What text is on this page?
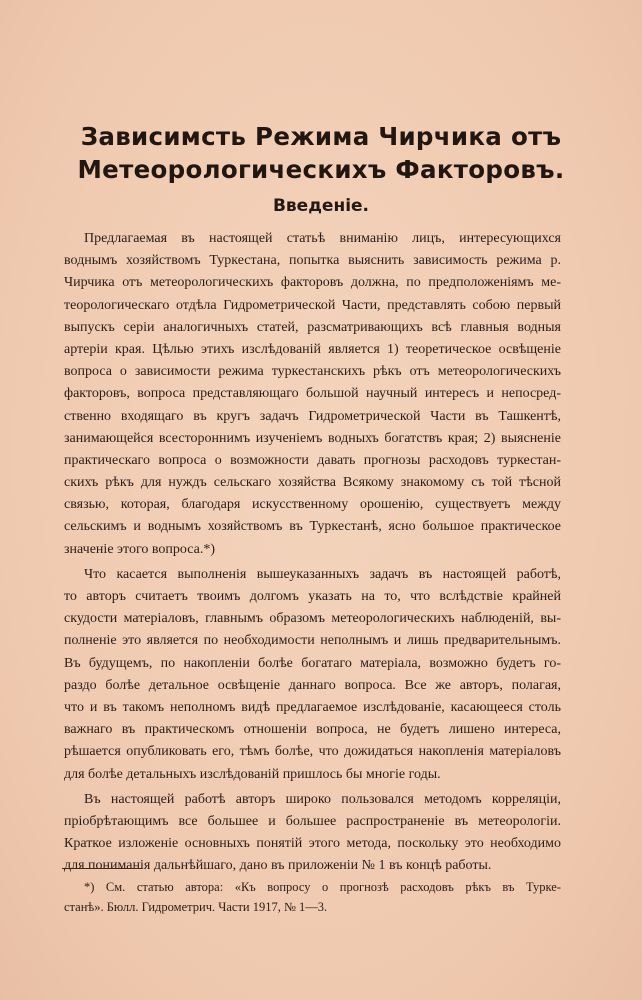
Зависимсть Режима Чирчика отъ
Метеорологическихъ Факторовъ.
Введеніе.
Предлагаемая въ настоящей статьѣ вниманію лицъ, интересующихся
воднымъ хозяйствомъ Туркестана, попытка выяснить зависимость режима р.
Чирчика отъ метеорологическихъ факторовъ должна, по предположеніямъ ме-
теорологическаго отдѣла Гидрометрической Части, представлять собою первый
выпускъ серіи аналогичныхъ статей, разсматривающихъ всѣ главныя водныя
артеріи края. Цѣлью этихъ изслѣдованій является 1) теоретическое освѣщеніе
вопроса о зависимости режима туркестанскихъ рѣкъ отъ метеорологическихъ
факторовъ, вопроса представляющаго большой научный интересъ и непосред-
ственно входящаго въ кругъ задачъ Гидрометрической Части въ Ташкентѣ,
занимающейся всестороннимъ изученіемъ водныхъ богатствъ края; 2) выясненіе
практическаго вопроса о возможности давать прогнозы расходовъ туркестан-
скихъ рѣкъ для нуждъ сельскаго хозяйства Всякому знакомому съ той тѣсной
связью, которая, благодаря искусственному орошенію, существуетъ между
сельскимъ и воднымъ хозяйствомъ въ Туркестанѣ, ясно большое практическое
значеніе этого вопроса.*)
Что касается выполненія вышеуказанныхъ задачъ въ настоящей работѣ,
то авторъ считаетъ твоимъ долгомъ указать на то, что вслѣдствіе крайней
скудости матеріаловъ, главнымъ образомъ метеорологическихъ наблюденій, вы-
полненіе это является по необходимости неполнымъ и лишь предварительнымъ.
Въ будущемъ, по накопленіи болѣе богатаго матеріала, возможно будетъ го-
раздо болѣе детальное освѣщеніе даннаго вопроса. Все же авторъ, полагая,
что и въ такомъ неполномъ видѣ предлагаемое изслѣдованіе, касающееся столь
важнаго въ практическомъ отношеніи вопроса, не будетъ лишено интереса,
рѣшается опубликовать его, тѣмъ болѣе, что дожидаться накопленія матеріаловъ
для болѣе детальныхъ изслѣдованій пришлось бы многіе годы.
Въ настоящей работѣ авторъ широко пользовался методомъ корреляціи,
пріобрѣтающимъ все большее и большее распространеніе въ метеорологіи.
Краткое изложеніе основныхъ понятій этого метода, поскольку это необходимо
для пониманія дальнѣйшаго, дано въ приложеніи № 1 въ концѣ работы.
*) См. статью автора: «Къ вопросу о прогнозѣ расходовъ рѣкъ въ Турке-
станѣ». Бюлл. Гидрометрич. Части 1917, № 1—3.
